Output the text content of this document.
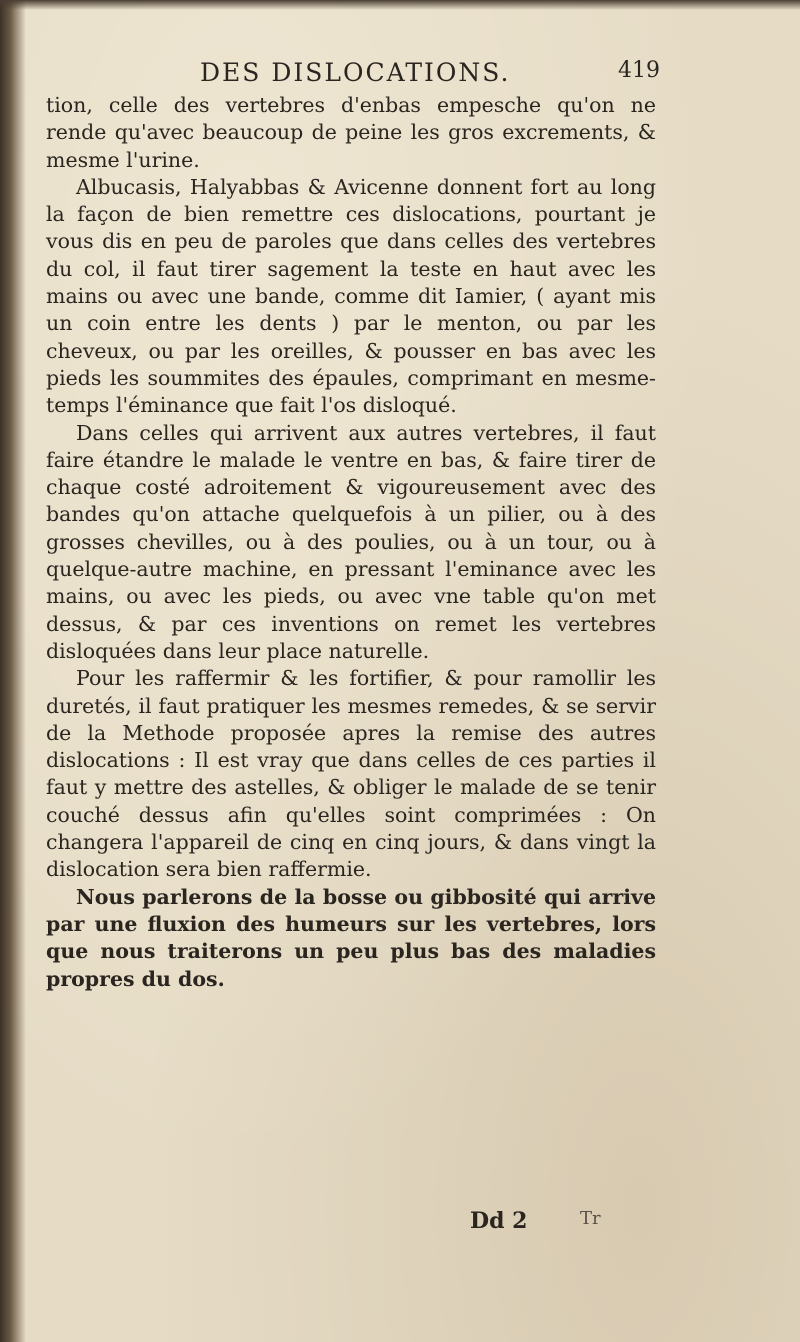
DES DISLOCATIONS.	419

tion, celle des vertebres d'enbas empesche qu'on ne rende qu'avec beaucoup de peine les gros excrements, & mesme l'urine.

Albucasis, Halyabbas & Avicenne donnent fort au long la façon de bien remettre ces dislocations, pourtant je vous dis en peu de paroles que dans celles des vertebres du col, il faut tirer sagement la teste en haut avec les mains ou avec une bande, comme dit Iamier, ( ayant mis un coin entre les dents ) par le menton, ou par les cheveux, ou par les oreilles, & pousser en bas avec les pieds les soummites des épaules, comprimant en mesme-temps l'éminance que fait l'os disloqué.

Dans celles qui arrivent aux autres vertebres, il faut faire étandre le malade le ventre en bas, & faire tirer de chaque costé adroitement & vigoureusement avec des bandes qu'on attache quelquefois à un pilier, ou à des grosses chevilles, ou à des poulies, ou à un tour, ou à quelque-autre machine, en pressant l'eminance avec les mains, ou avec les pieds, ou avec vne table qu'on met dessus, & par ces inventions on remet les vertebres disloquées dans leur place naturelle.

Pour les raffermir & les fortifier, & pour ramollir les duretés, il faut pratiquer les mesmes remedes, & se servir de la Methode proposée apres la remise des autres dislocations : Il est vray que dans celles de ces parties il faut y mettre des astelles, & obliger le malade de se tenir couché dessus afin qu'elles soint comprimées : On changera l'appareil de cinq en cinq jours, & dans vingt la dislocation sera bien raffermie.

Nous parlerons de la bosse ou gibbosité qui arrive par une fluxion des humeurs sur les vertebres, lors que nous traiterons un peu plus bas des maladies propres du dos.

Dd 2	Tr
